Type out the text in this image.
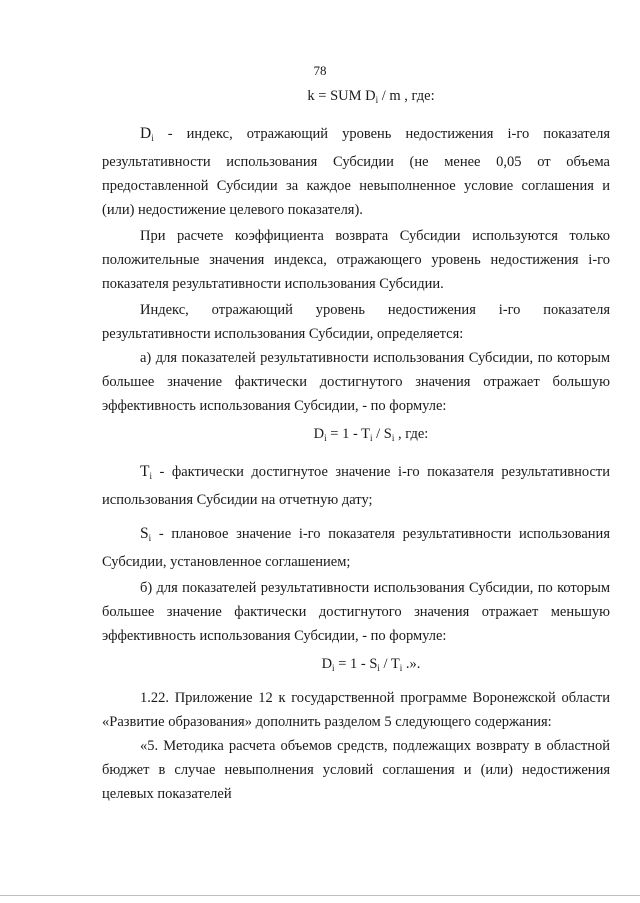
78

k = SUM $D_i$ / m , где:

$D_i$ - индекс, отражающий уровень недостижения i-го показателя результативности использования Субсидии (не менее 0,05 от объема предоставленной Субсидии за каждое невыполненное условие соглашения и (или) недостижение целевого показателя).

При расчете коэффициента возврата Субсидии используются только положительные значения индекса, отражающего уровень недостижения i-го показателя результативности использования Субсидии.

Индекс, отражающий уровень недостижения i-го показателя результативности использования Субсидии, определяется:

а) для показателей результативности использования Субсидии, по которым большее значение фактически достигнутого значения отражает большую эффективность использования Субсидии, - по формуле:

$D_i = 1 - T_i / S_i$ , где:

$T_i$ - фактически достигнутое значение i-го показателя результативности использования Субсидии на отчетную дату;

$S_i$ - плановое значение i-го показателя результативности использования Субсидии, установленное соглашением;

б) для показателей результативности использования Субсидии, по которым большее значение фактически достигнутого значения отражает меньшую эффективность использования Субсидии, - по формуле:

$D_i = 1 - S_i / T_i$ .».

1.22. Приложение 12 к государственной программе Воронежской области «Развитие образования» дополнить разделом 5 следующего содержания:

«5. Методика расчета объемов средств, подлежащих возврату в областной бюджет в случае невыполнения условий соглашения и (или) недостижения целевых показателей
